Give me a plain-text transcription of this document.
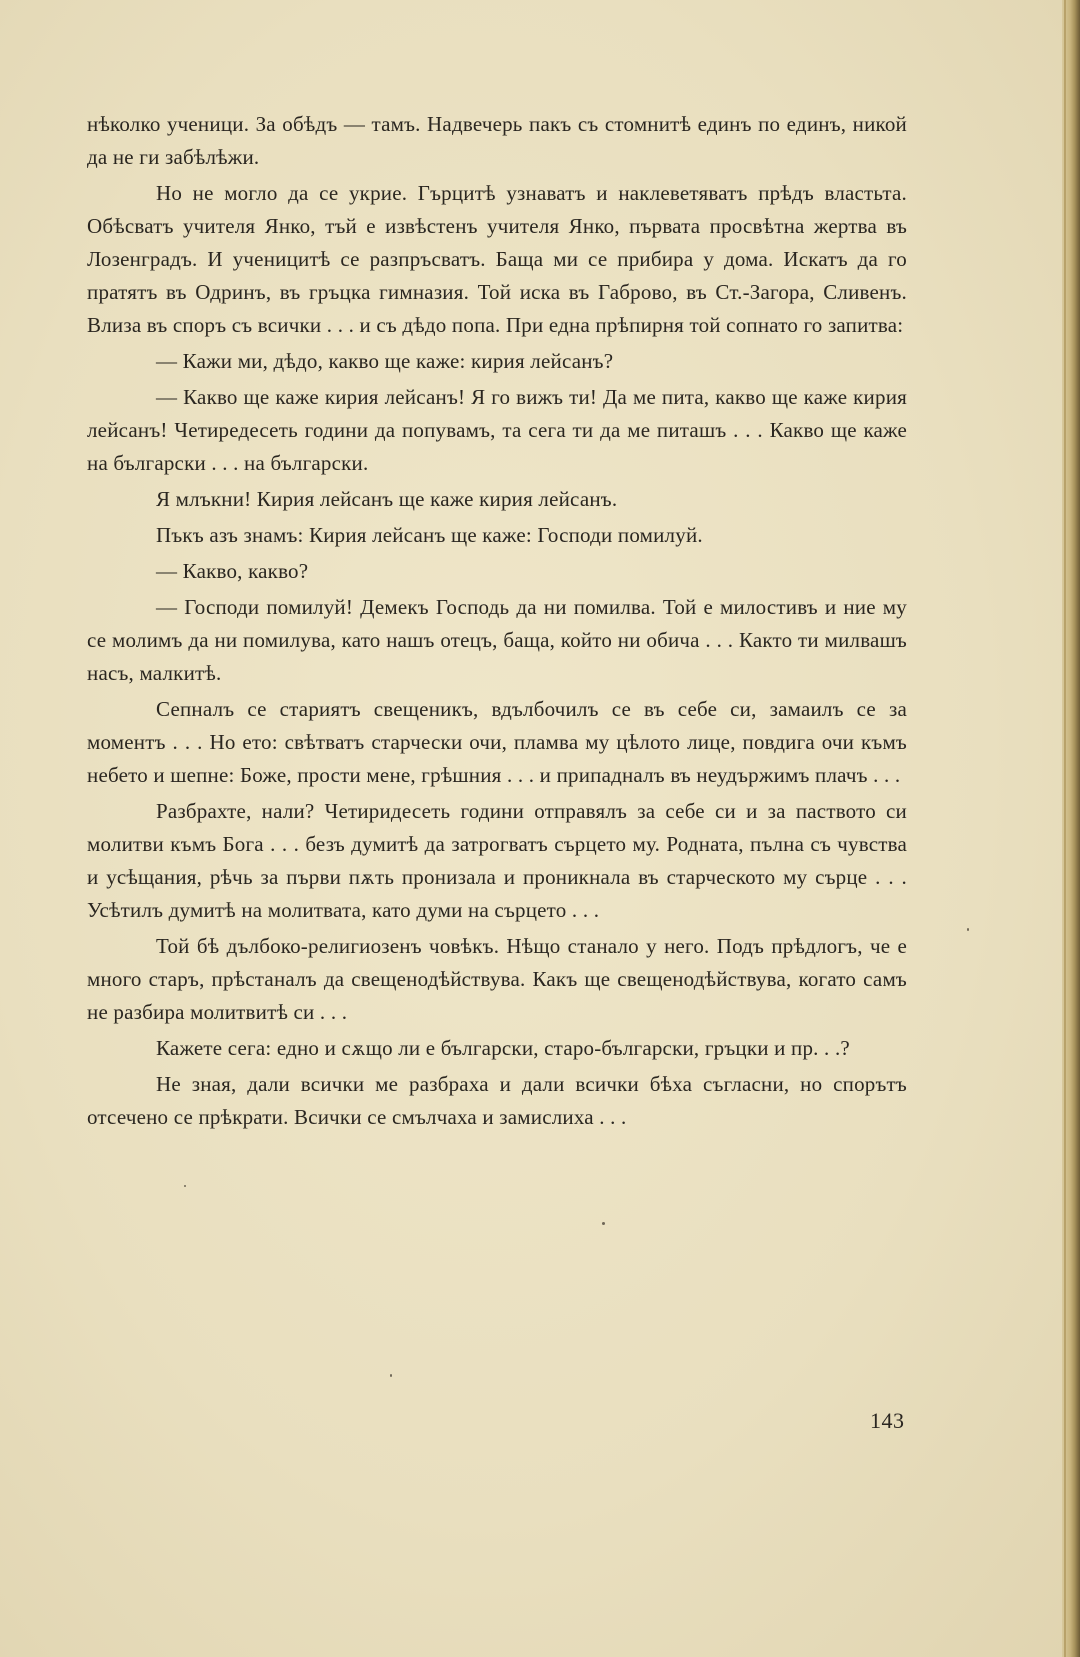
нѣколко ученици. За обѣдъ — тамъ. Надвечерь пакъ съ стомнитѣ единъ по единъ, никой да не ги забѣлѣжи.

Но не могло да се укрие. Гърцитѣ узнаватъ и наклеветяватъ прѣдъ властьта. Обѣсватъ учителя Янко, тъй е извѣстенъ учителя Янко, първата просвѣтна жертва въ Лозенградъ. И ученицитѣ се разпръсватъ. Баща ми се прибира у дома. Искатъ да го пратятъ въ Одринъ, въ гръцка гимназия. Той иска въ Габрово, въ Ст.-Загора, Сливенъ. Влиза въ споръ съ всички . . . и съ дѣдо попа. При една прѣпирня той сопнато го запитва:

— Кажи ми, дѣдо, какво ще каже: кирия лейсанъ?

— Какво ще каже кирия лейсанъ! Я го вижъ ти! Да ме пита, какво ще каже кирия лейсанъ! Четиредесеть години да попувамъ, та сега ти да ме питашъ . . . Какво ще каже на български . . . на български.

Я млъкни! Кирия лейсанъ ще каже кирия лейсанъ.

Пъкъ азъ знамъ: Кирия лейсанъ ще каже: Господи помилуй.

— Какво, какво?

— Господи помилуй! Демекъ Господь да ни помилва. Той е милостивъ и ние му се молимъ да ни помилува, като нашъ отецъ, баща, който ни обича . . . Както ти милвашъ насъ, малкитѣ.

Сепналъ се стариятъ свещеникъ, вдълбочилъ се въ себе си, замаилъ се за моментъ . . . Но ето: свѣтватъ старчески очи, пламва му цѣлото лице, повдига очи къмъ небето и шепне: Боже, прости мене, грѣшния . . . и припадналъ въ неудържимъ плачъ . . .

Разбрахте, нали? Четиридесеть години отправялъ за себе си и за паството си молитви къмъ Бога . . . безъ думитѣ да затрогватъ сърцето му. Родната, пълна съ чувства и усѣщания, рѣчь за първи пѫть пронизала и проникнала въ старческото му сърце . . . Усѣтилъ думитѣ на молитвата, като думи на сърцето . . .

Той бѣ дълбоко-религиозенъ човѣкъ. Нѣщо станало у него. Подъ прѣдлогъ, че е много старъ, прѣстаналъ да свещенодѣйствува. Какъ ще свещенодѣйствува, когато самъ не разбира молитвитѣ си . . .

Кажете сега: едно и сѫщо ли е български, старо-български, гръцки и пр. . .?

Не зная, дали всички ме разбраха и дали всички бѣха съгласни, но спорътъ отсечено се прѣкрати. Всички се смълчаха и замислиха . . .

143
